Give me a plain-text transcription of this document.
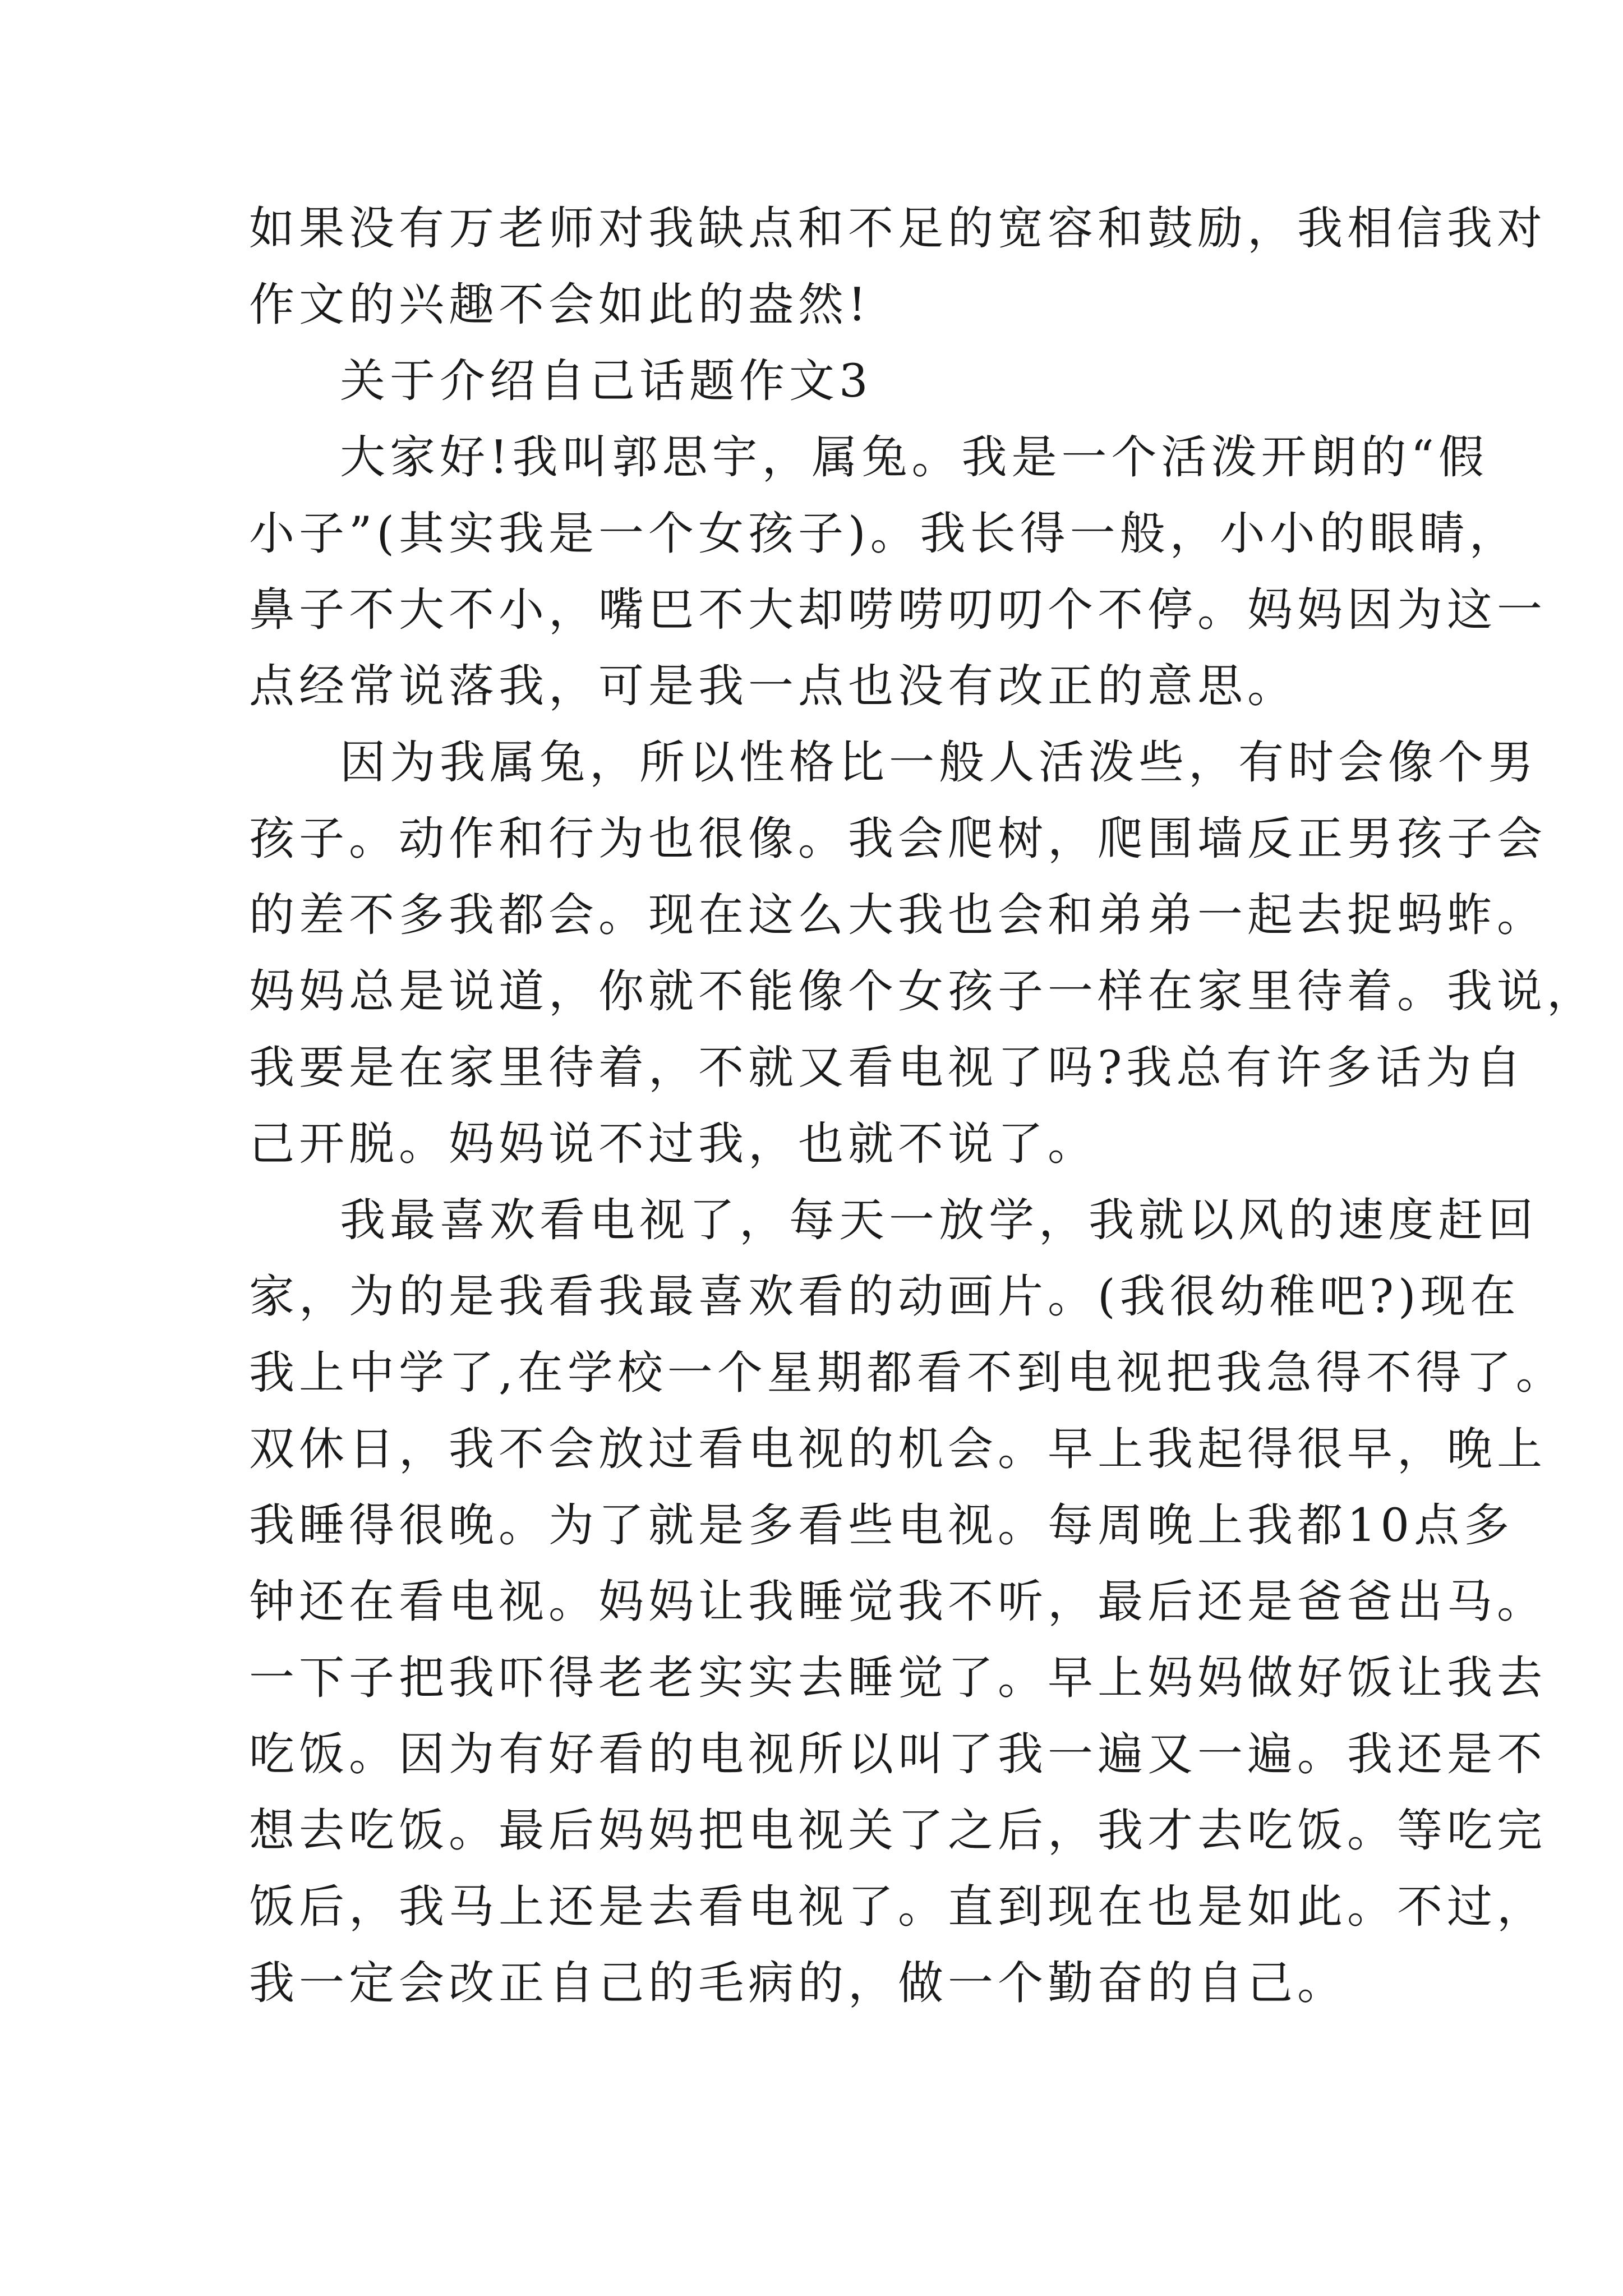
如果没有万老师对我缺点和不足的宽容和鼓励，我相信我对
作文的兴趣不会如此的盎然!
关于介绍自己话题作文3
大家好!我叫郭思宇，属兔。我是一个活泼开朗的“假
小子”(其实我是一个女孩子)。我长得一般，小小的眼睛，
鼻子不大不小，嘴巴不大却唠唠叨叨个不停。妈妈因为这一
点经常说落我，可是我一点也没有改正的意思。
因为我属兔，所以性格比一般人活泼些，有时会像个男
孩子。动作和行为也很像。我会爬树，爬围墙反正男孩子会
的差不多我都会。现在这么大我也会和弟弟一起去捉蚂蚱。
妈妈总是说道，你就不能像个女孩子一样在家里待着。我说，
我要是在家里待着，不就又看电视了吗?我总有许多话为自
己开脱。妈妈说不过我，也就不说了。
我最喜欢看电视了，每天一放学，我就以风的速度赶回
家，为的是我看我最喜欢看的动画片。(我很幼稚吧?)现在
我上中学了,在学校一个星期都看不到电视把我急得不得了。
双休日，我不会放过看电视的机会。早上我起得很早，晚上
我睡得很晚。为了就是多看些电视。每周晚上我都10点多
钟还在看电视。妈妈让我睡觉我不听，最后还是爸爸出马。
一下子把我吓得老老实实去睡觉了。早上妈妈做好饭让我去
吃饭。因为有好看的电视所以叫了我一遍又一遍。我还是不
想去吃饭。最后妈妈把电视关了之后，我才去吃饭。等吃完
饭后，我马上还是去看电视了。直到现在也是如此。不过，
我一定会改正自己的毛病的，做一个勤奋的自己。
